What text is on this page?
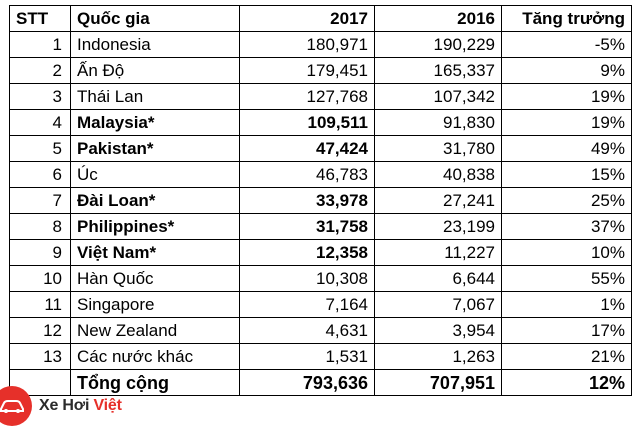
STT	Quốc gia	2017	2016	Tăng trưởng
1	Indonesia	180,971	190,229	-5%
2	Ấn Độ	179,451	165,337	9%
3	Thái Lan	127,768	107,342	19%
4	Malaysia*	109,511	91,830	19%
5	Pakistan*	47,424	31,780	49%
6	Úc	46,783	40,838	15%
7	Đài Loan*	33,978	27,241	25%
8	Philippines*	31,758	23,199	37%
9	Việt Nam*	12,358	11,227	10%
10	Hàn Quốc	10,308	6,644	55%
11	Singapore	7,164	7,067	1%
12	New Zealand	4,631	3,954	17%
13	Các nước khác	1,531	1,263	21%
	Tổng cộng	793,636	707,951	12%
Xe Hơi Việt
